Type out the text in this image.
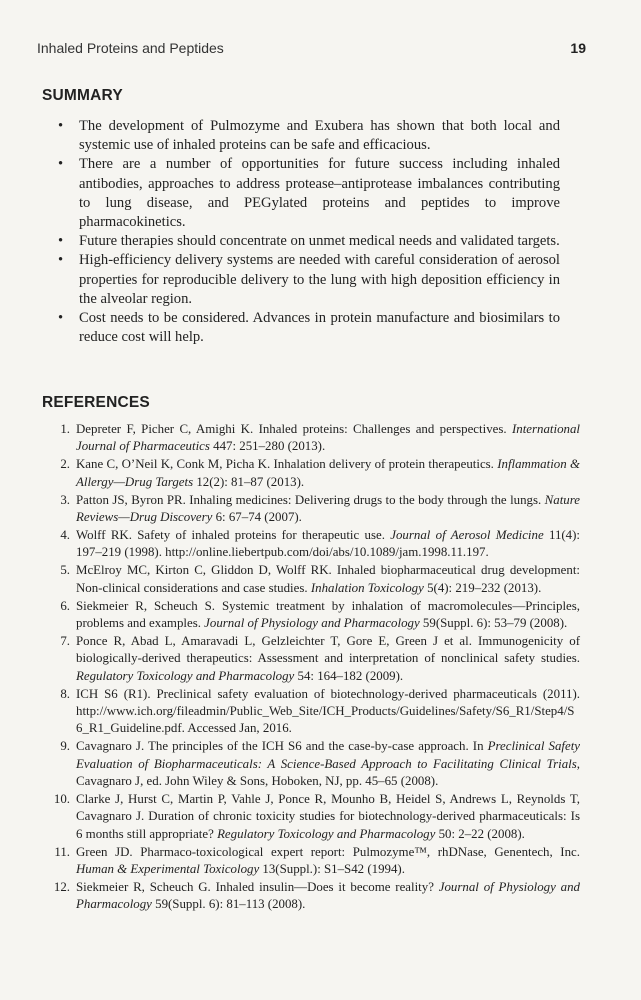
Inhaled Proteins and Peptides	19
SUMMARY
• The development of Pulmozyme and Exubera has shown that both local and systemic use of inhaled proteins can be safe and efficacious.
• There are a number of opportunities for future success including inhaled antibodies, approaches to address protease–antiprotease imbalances contributing to lung disease, and PEGylated proteins and peptides to improve pharmacokinetics.
• Future therapies should concentrate on unmet medical needs and validated targets.
• High-efficiency delivery systems are needed with careful consideration of aerosol properties for reproducible delivery to the lung with high deposition efficiency in the alveolar region.
• Cost needs to be considered. Advances in protein manufacture and biosimilars to reduce cost will help.
REFERENCES
1. Depreter F, Picher C, Amighi K. Inhaled proteins: Challenges and perspectives. International Journal of Pharmaceutics 447: 251–280 (2013).
2. Kane C, O’Neil K, Conk M, Picha K. Inhalation delivery of protein therapeutics. Inflammation & Allergy—Drug Targets 12(2): 81–87 (2013).
3. Patton JS, Byron PR. Inhaling medicines: Delivering drugs to the body through the lungs. Nature Reviews—Drug Discovery 6: 67–74 (2007).
4. Wolff RK. Safety of inhaled proteins for therapeutic use. Journal of Aerosol Medicine 11(4): 197–219 (1998). http://online.liebertpub.com/doi/abs/10.1089/jam.1998.11.197.
5. McElroy MC, Kirton C, Gliddon D, Wolff RK. Inhaled biopharmaceutical drug development: Non-clinical considerations and case studies. Inhalation Toxicology 5(4): 219–232 (2013).
6. Siekmeier R, Scheuch S. Systemic treatment by inhalation of macromolecules—Principles, problems and examples. Journal of Physiology and Pharmacology 59(Suppl. 6): 53–79 (2008).
7. Ponce R, Abad L, Amaravadi L, Gelzleichter T, Gore E, Green J et al. Immunogenicity of biologically-derived therapeutics: Assessment and interpretation of nonclinical safety studies. Regulatory Toxicology and Pharmacology 54: 164–182 (2009).
8. ICH S6 (R1). Preclinical safety evaluation of biotechnology-derived pharmaceuticals (2011). http://www.ich.org/fileadmin/Public_Web_Site/ICH_Products/Guidelines/Safety/S6_R1/Step4/S6_R1_Guideline.pdf. Accessed Jan, 2016.
9. Cavagnaro J. The principles of the ICH S6 and the case-by-case approach. In Preclinical Safety Evaluation of Biopharmaceuticals: A Science-Based Approach to Facilitating Clinical Trials, Cavagnaro J, ed. John Wiley & Sons, Hoboken, NJ, pp. 45–65 (2008).
10. Clarke J, Hurst C, Martin P, Vahle J, Ponce R, Mounho B, Heidel S, Andrews L, Reynolds T, Cavagnaro J. Duration of chronic toxicity studies for biotechnology-derived pharmaceuticals: Is 6 months still appropriate? Regulatory Toxicology and Pharmacology 50: 2–22 (2008).
11. Green JD. Pharmaco-toxicological expert report: Pulmozyme™, rhDNase, Genentech, Inc. Human & Experimental Toxicology 13(Suppl.): S1–S42 (1994).
12. Siekmeier R, Scheuch G. Inhaled insulin—Does it become reality? Journal of Physiology and Pharmacology 59(Suppl. 6): 81–113 (2008).
